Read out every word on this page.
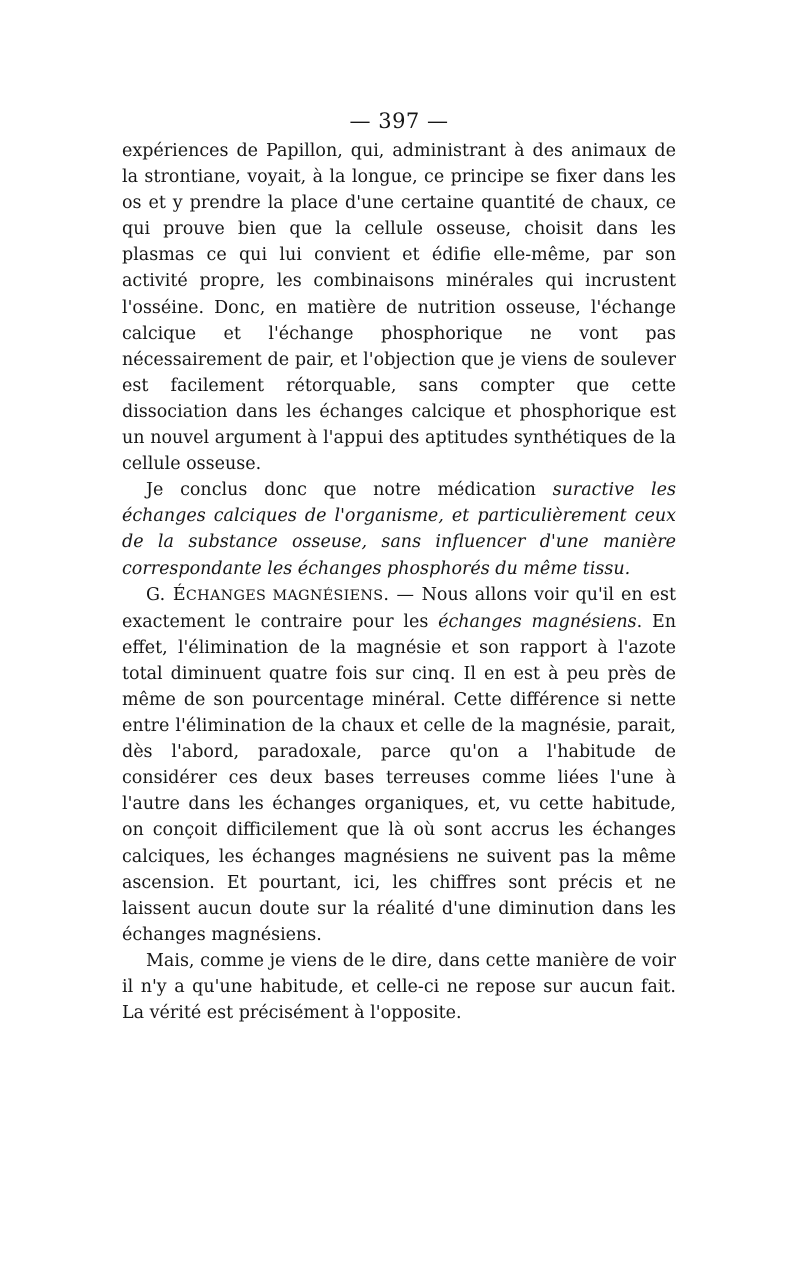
— 397 —

expériences de Papillon, qui, administrant à des animaux de la strontiane, voyait, à la longue, ce principe se fixer dans les os et y prendre la place d'une certaine quantité de chaux, ce qui prouve bien que la cellule osseuse, choisit dans les plasmas ce qui lui convient et édifie elle-même, par son activité propre, les combinaisons minérales qui incrustent l'osséine. Donc, en matière de nutrition osseuse, l'échange calcique et l'échange phosphorique ne vont pas nécessairement de pair, et l'objection que je viens de soulever est facilement rétorquable, sans compter que cette dissociation dans les échanges calcique et phosphorique est un nouvel argument à l'appui des aptitudes synthétiques de la cellule osseuse.

Je conclus donc que notre médication suractive les échanges calciques de l'organisme, et particulièrement ceux de la substance osseuse, sans influencer d'une manière correspondante les échanges phosphorés du même tissu.

G. ÉCHANGES MAGNÉSIENS. — Nous allons voir qu'il en est exactement le contraire pour les échanges magnésiens. En effet, l'élimination de la magnésie et son rapport à l'azote total diminuent quatre fois sur cinq. Il en est à peu près de même de son pourcentage minéral. Cette différence si nette entre l'élimination de la chaux et celle de la magnésie, parait, dès l'abord, paradoxale, parce qu'on a l'habitude de considérer ces deux bases terreuses comme liées l'une à l'autre dans les échanges organiques, et, vu cette habitude, on conçoit difficilement que là où sont accrus les échanges calciques, les échanges magnésiens ne suivent pas la même ascension. Et pourtant, ici, les chiffres sont précis et ne laissent aucun doute sur la réalité d'une diminution dans les échanges magnésiens.

Mais, comme je viens de le dire, dans cette manière de voir il n'y a qu'une habitude, et celle-ci ne repose sur aucun fait. La vérité est précisément à l'opposite.
